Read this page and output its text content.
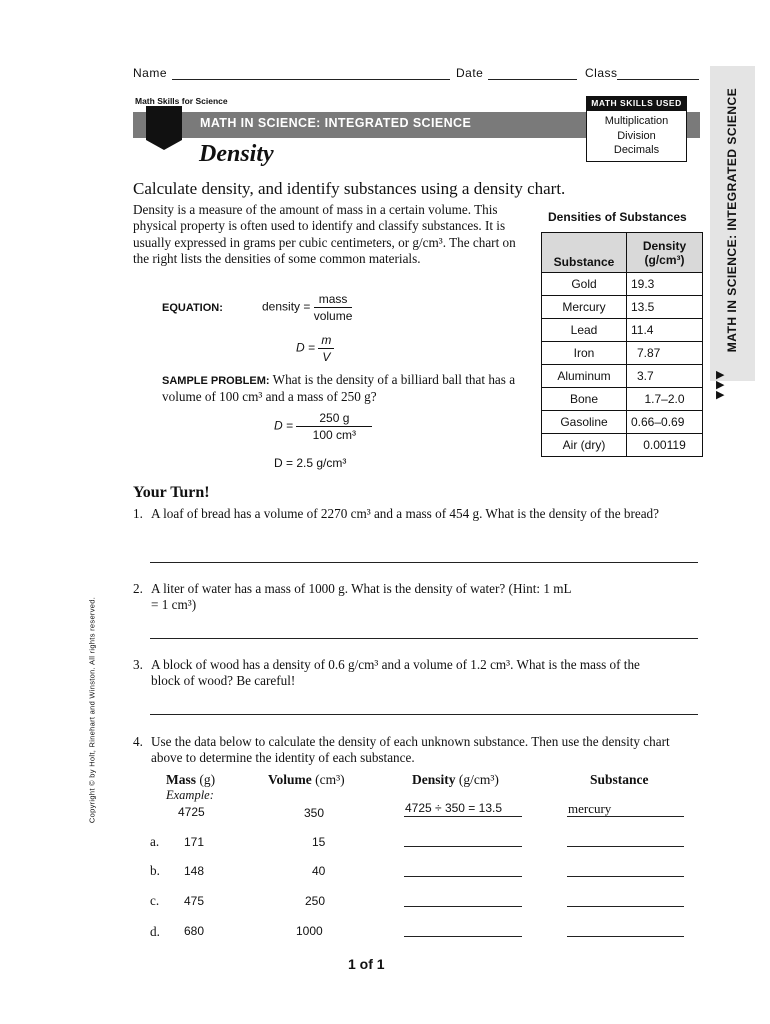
Name	Date	Class
Math Skills for Science
MATH IN SCIENCE: INTEGRATED SCIENCE
MATH SKILLS USED
Multiplication
Division
Decimals	MATH IN SCIENCE: INTEGRATED SCIENCE
▶
▶
▶
Copyright © by Holt, Rinehart and Winston. All rights reserved.
Density
Calculate density, and identify substances using a density chart.
Density is a measure of the amount of mass in a certain volume. This physical property is often used to identify and classify substances. It is usually expressed in grams per cubic centimeters, or g/cm³. The chart on the right lists the densities of some common materials.
EQUATION:	density = $\frac{\text{mass}}{\text{volume}}$
$D = \frac{m}{V}$
SAMPLE PROBLEM: What is the density of a billiard ball that has a volume of 100 cm³ and a mass of 250 g?
$D = \frac{250 g}{\text{100 cm³}}$
D = 2.5 g/cm³
Densities of Substances
Substance	Density
(g/cm³)

Gold	19.3
Mercury	13.5
Lead	11.4
Iron	7.87
Aluminum	3.7
Bone	1.7–2.0
Gasoline	0.66–0.69
Air (dry)	0.00119
Your Turn!
1. A loaf of bread has a volume of 2270 cm³ and a mass of 454 g. What is the density of the bread?
2. A liter of water has a mass of 1000 g. What is the density of water? (Hint: 1 mL = 1 cm³)
3. A block of wood has a density of 0.6 g/cm³ and a volume of 1.2 cm³. What is the mass of the block of wood? Be careful!
4. Use the data below to calculate the density of each unknown substance. Then use the density chart above to determine the identity of each substance.
Mass (g)	Volume (cm³)	Density (g/cm³)	Substance
Example:
4725	350	4725 ÷ 350 = 13.5	mercury
a. 171	15
b. 148	40
c. 475	250
d. 680	1000
1 of 1
